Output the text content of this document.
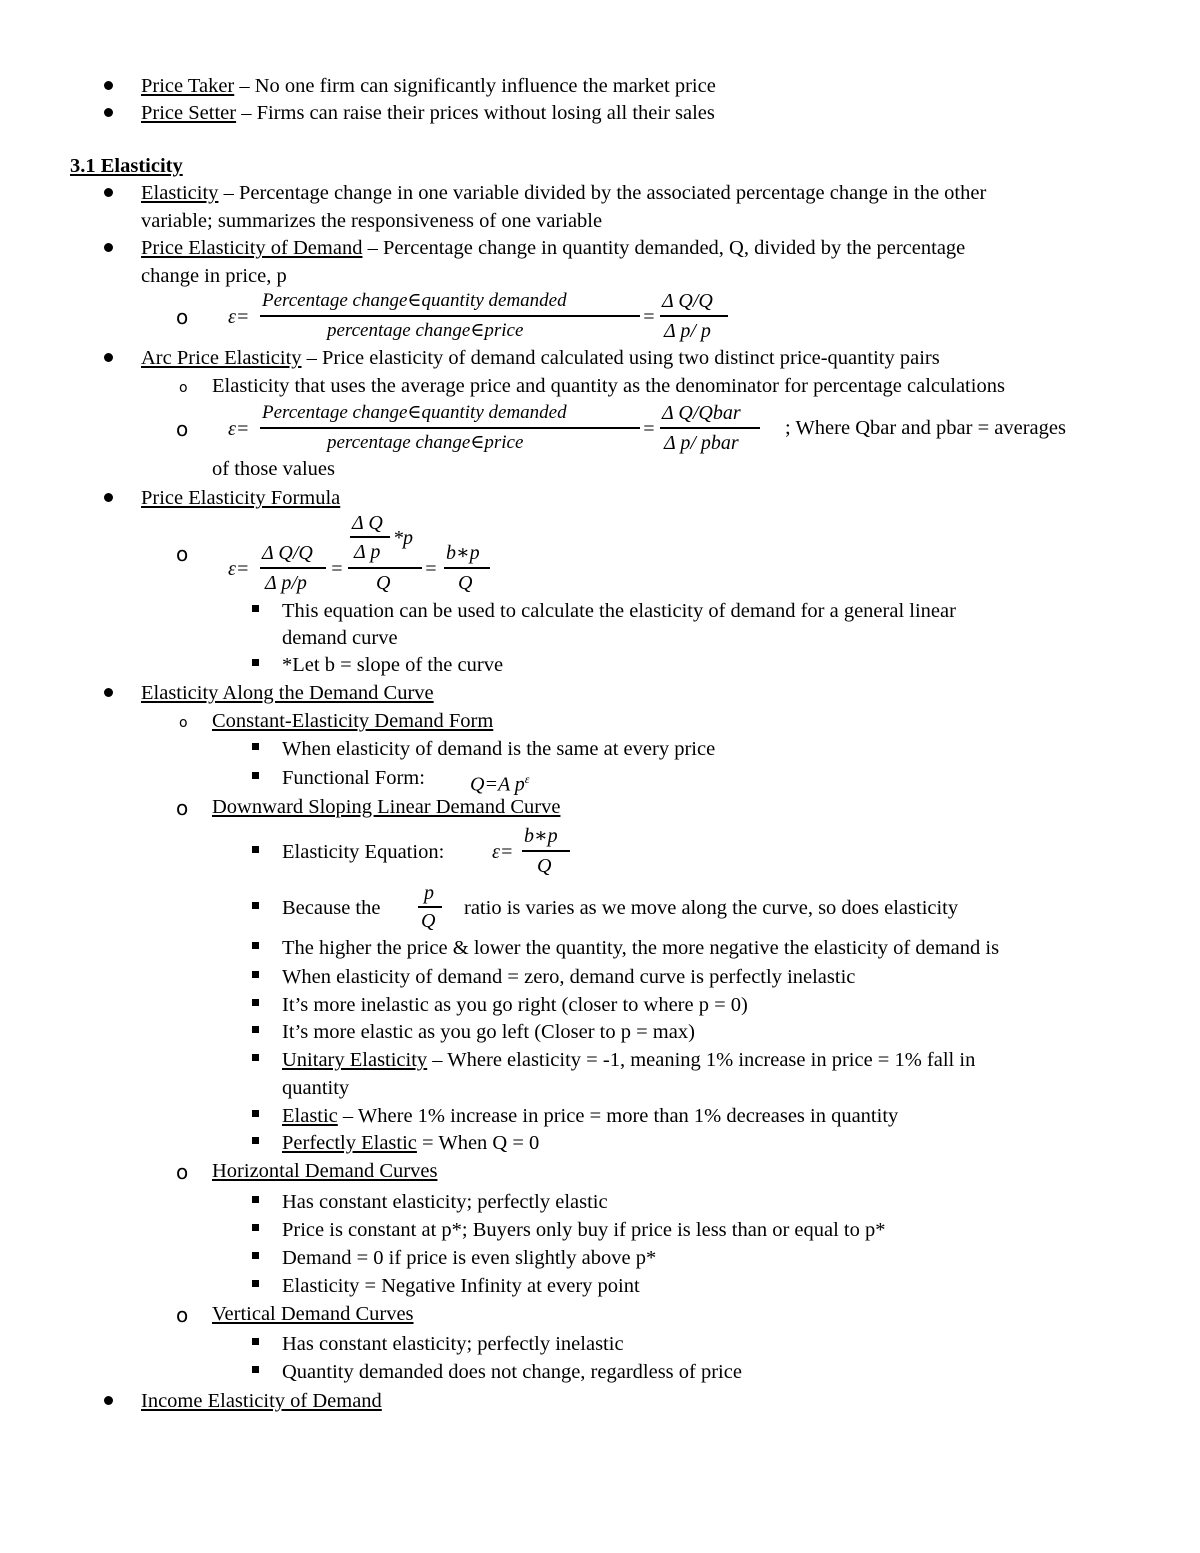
Price Taker – No one firm can significantly influence the market price
Price Setter – Firms can raise their prices without losing all their sales
3.1 Elasticity
Elasticity – Percentage change in one variable divided by the associated percentage change in the other
variable; summarizes the responsiveness of one variable
Price Elasticity of Demand – Percentage change in quantity demanded, Q, divided by the percentage
change in price, p
o ε=
Percentage change∈quantity demanded
percentage change∈price
=
Δ Q/Q
Δ p/ p
Arc Price Elasticity – Price elasticity of demand calculated using two distinct price-quantity pairs
o Elasticity that uses the average price and quantity as the denominator for percentage calculations
o ε=
Percentage change∈quantity demanded
percentage change∈price
=
Δ Q/Qbar
Δ p/ pbar
; Where Qbar and pbar = averages
of those values
Price Elasticity Formula
o
ε=
Δ Q/Q
Δ p/p
=
Δ Q
Δ p
*p
Q
=
b∗p
Q
This equation can be used to calculate the elasticity of demand for a general linear
demand curve
*Let b = slope of the curve
Elasticity Along the Demand Curve
o Constant-Elasticity Demand Form
When elasticity of demand is the same at every price
Functional Form: Q=A $p^\varepsilon$
o Downward Sloping Linear Demand Curve
Elasticity Equation: ε=
b∗p
Q
Because the
p
Q
ratio is varies as we move along the curve, so does elasticity
The higher the price & lower the quantity, the more negative the elasticity of demand is
When elasticity of demand = zero, demand curve is perfectly inelastic
It’s more inelastic as you go right (closer to where p = 0)
It’s more elastic as you go left (Closer to p = max)
Unitary Elasticity – Where elasticity = -1, meaning 1% increase in price = 1% fall in
quantity
Elastic – Where 1% increase in price = more than 1% decreases in quantity
Perfectly Elastic = When Q = 0
o Horizontal Demand Curves
Has constant elasticity; perfectly elastic
Price is constant at p*; Buyers only buy if price is less than or equal to p*
Demand = 0 if price is even slightly above p*
Elasticity = Negative Infinity at every point
o Vertical Demand Curves
Has constant elasticity; perfectly inelastic
Quantity demanded does not change, regardless of price
Income Elasticity of Demand
